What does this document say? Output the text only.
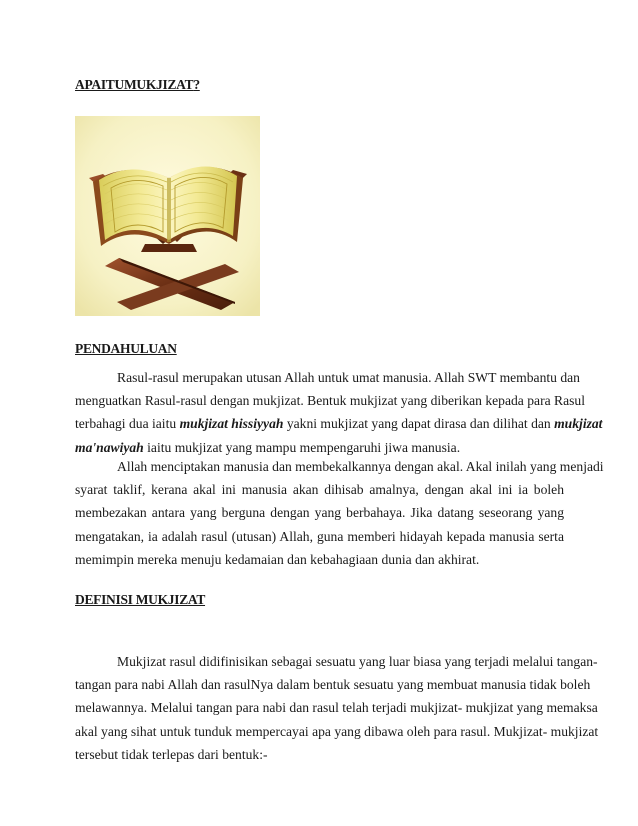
APAITUMUKJIZAT?
PENDAHULUAN
Rasul-rasul merupakan utusan Allah untuk umat manusia. Allah SWT membantu dan
menguatkan Rasul-rasul dengan mukjizat. Bentuk mukjizat yang diberikan kepada para Rasul
terbahagi dua iaitu mukjizat hissiyyah yakni mukjizat yang dapat dirasa dan dilihat dan mukjizat
ma'nawiyah iaitu mukjizat yang mampu mempengaruhi jiwa manusia.
Allah menciptakan manusia dan membekalkannya dengan akal. Akal inilah yang menjadi
syarat taklif, kerana akal ini manusia akan dihisab amalnya, dengan akal ini ia boleh
membezakan antara yang berguna dengan yang berbahaya. Jika datang seseorang yang
mengatakan, ia adalah rasul (utusan) Allah, guna memberi hidayah kepada manusia serta
memimpin mereka menuju kedamaian dan kebahagiaan dunia dan akhirat.
DEFINISI MUKJIZAT
Mukjizat rasul didifinisikan sebagai sesuatu yang luar biasa yang terjadi melalui tangan-
tangan para nabi Allah dan rasulNya dalam bentuk sesuatu yang membuat manusia tidak boleh
melawannya. Melalui tangan para nabi dan rasul telah terjadi mukjizat- mukjizat yang memaksa
akal yang sihat untuk tunduk mempercayai apa yang dibawa oleh para rasul. Mukjizat- mukjizat
tersebut tidak terlepas dari bentuk:-
